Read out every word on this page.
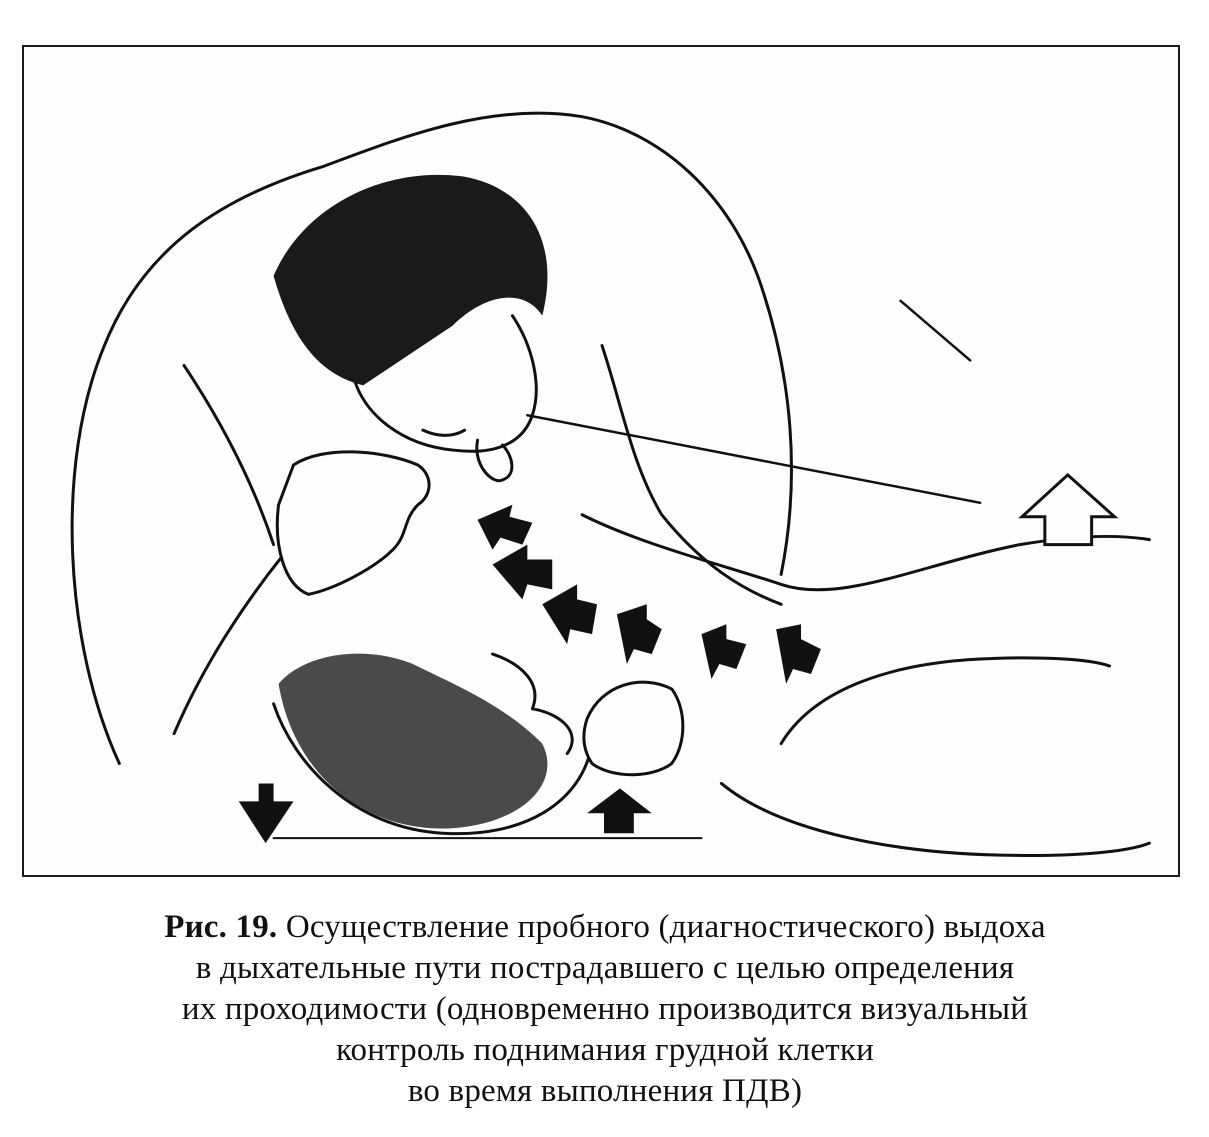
Рис. 19. Осуществление пробного (диагностического) выдоха
в дыхательные пути пострадавшего с целью определения
их проходимости (одновременно производится визуальный
контроль поднимания грудной клетки
во время выполнения ПДВ)
